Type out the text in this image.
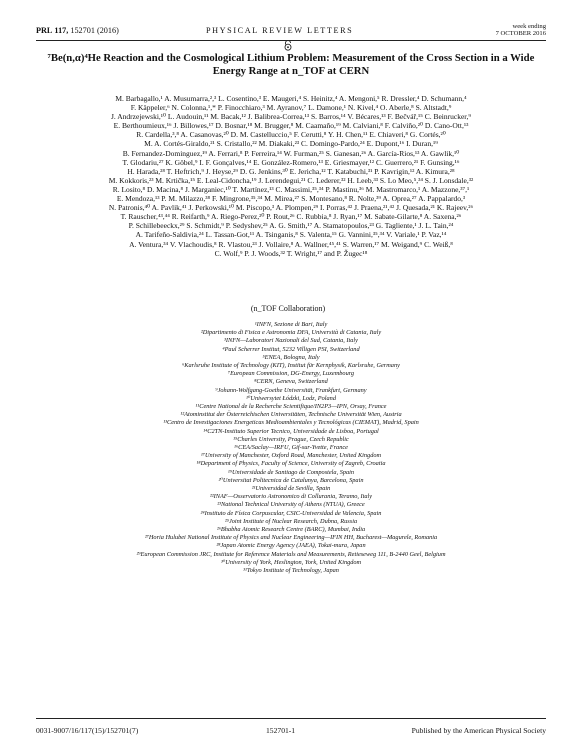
PRL 117, 152701 (2016)	PHYSICAL REVIEW LETTERS	week ending
7 OCTOBER 2016
⁷Be(n,α)⁴He Reaction and the Cosmological Lithium Problem: Measurement of the Cross Section in a Wide Energy Range at n_TOF at CERN
M. Barbagallo,¹ A. Musumarra,²,³ L. Cosentino,³ E. Maugeri,⁴ S. Heinitz,⁴ A. Mengoni,⁵ R. Dressler,⁴ D. Schumann,⁴
F. Käppeler,⁶ N. Colonna,¹,* P. Finocchiaro,³ M. Ayranov,⁷ L. Damone,¹ N. Kivel,⁴ O. Aberle,⁸ S. Altstadt,⁹
J. Andrzejewski,¹⁰ L. Audouin,¹¹ M. Bacak,¹² J. Balibrea-Correa,¹³ S. Barros,¹⁴ V. Bécares,¹³ F. Bečvář,¹⁵ C. Beinrucker,⁹
E. Berthoumieux,¹⁶ J. Billowes,¹⁷ D. Bosnar,¹⁸ M. Brugger,⁸ M. Caamaño,¹⁹ M. Calviani,⁸ F. Calviño,²⁰ D. Cano-Ott,¹³
R. Cardella,³,⁸ A. Casanovas,²⁰ D. M. Castelluccio,⁵ F. Cerutti,⁸ Y. H. Chen,¹¹ E. Chiaveri,⁸ G. Cortés,²⁰
M. A. Cortés-Giraldo,²¹ S. Cristallo,²² M. Diakaki,²³ C. Domingo-Pardo,²⁴ E. Dupont,¹⁶ I. Duran,¹⁹
B. Fernandez-Dominguez,¹⁹ A. Ferrari,⁸ P. Ferreira,¹⁴ W. Furman,²⁵ S. Ganesan,²⁶ A. García-Rios,¹³ A. Gawlik,¹⁰
T. Glodariu,²⁷ K. Göbel,⁹ I. F. Gonçalves,¹⁴ E. González-Romero,¹³ E. Griesmayer,¹² C. Guerrero,²¹ F. Gunsing,¹⁶
H. Harada,²⁸ T. Heftrich,⁹ J. Heyse,²⁹ D. G. Jenkins,³⁰ E. Jericha,¹² T. Katabuchi,³¹ P. Kavrigin,¹² A. Kimura,²⁸
M. Kokkoris,²³ M. Krtička,¹⁵ E. Leal-Cidoncha,¹⁹ J. Lerendegui,²¹ C. Lederer,³² H. Leeb,³³ S. Lo Meo,⁵,³⁴ S. J. Lonsdale,³²
R. Losito,⁸ D. Macina,⁸ J. Marganiec,¹⁰ T. Martínez,¹³ C. Massimi,³⁵,³⁴ P. Mastinu,³⁶ M. Mastromarco,¹ A. Mazzone,³⁷,¹
E. Mendoza,¹³ P. M. Milazzo,³⁸ F. Mingrone,³⁵,³⁴ M. Mirea,²⁷ S. Montesano,⁸ R. Nolte,³⁹ A. Oprea,²⁷ A. Pappalardo,³
N. Patronis,⁴⁰ A. Pavlik,⁴¹ J. Perkowski,¹⁰ M. Piscopo,³ A. Plompen,²⁹ I. Porras,⁴² J. Praena,²¹,⁴² J. Quesada,²¹ K. Rajeev,²⁶
T. Rauscher,⁴³,⁴⁴ R. Reifarth,⁹ A. Riego-Perez,²⁰ P. Rout,²⁶ C. Rubbia,⁸ J. Ryan,¹⁷ M. Sabate-Gilarte,⁸ A. Saxena,²⁶
P. Schillebeeckx,²⁹ S. Schmidt,⁹ P. Sedyshev,²⁵ A. G. Smith,¹⁷ A. Stamatopoulos,²³ G. Tagliente,¹ J. L. Tain,²⁴
A. Tarifeño-Saldivia,²⁴ L. Tassan-Got,¹¹ A. Tsinganis,⁸ S. Valenta,¹⁵ G. Vannini,³⁵,³⁴ V. Variale,¹ P. Vaz,¹⁴
A. Ventura,³⁴ V. Vlachoudis,⁸ R. Vlastou,²³ J. Vollaire,⁸ A. Wallner,⁴⁵,⁴¹ S. Warren,¹⁷ M. Weigand,⁹ C. Weiß,⁸
C. Wolf,⁹ P. J. Woods,³² T. Wright,¹⁷ and P. Žugec¹⁸
(n_TOF Collaboration)
¹INFN, Sezione di Bari, Italy
²Dipartimento di Fisica e Astronomia DFA, Università di Catania, Italy
³INFN—Laboratori Nazionali del Sud, Catania, Italy
⁴Paul Scherrer Institut, 5232 Villigen PSI, Switzerland
⁵ENEA, Bologna, Italy
⁶Karlsruhe Institute of Technology (KIT), Institut für Kernphysik, Karlsruhe, Germany
⁷European Commission, DG-Energy, Luxembourg
⁸CERN, Geneva, Switzerland
⁹Johann-Wolfgang-Goethe Universität, Frankfurt, Germany
¹⁰Uniwersytet Łódzki, Lodz, Poland
¹¹Centre National de la Recherche Scientifique/IN2P3—IPN, Orsay, France
¹²Atominstitut der Österreichischen Universitäten, Technische Universität Wien, Austria
¹³Centro de Investigaciones Energeticas Medioambientales y Tecnológicas (CIEMAT), Madrid, Spain
¹⁴C2TN-Instituto Superior Tecnico, Universidade de Lisboa, Portugal
¹⁵Charles University, Prague, Czech Republic
¹⁶CEA/Saclay—IRFU, Gif-sur-Yvette, France
¹⁷University of Manchester, Oxford Road, Manchester, United Kingdom
¹⁸Department of Physics, Faculty of Science, University of Zagreb, Croatia
¹⁹Universidade de Santiago de Compostela, Spain
²⁰Universitat Politecnica de Catalunya, Barcelona, Spain
²¹Universidad de Sevilla, Spain
²²INAF—Osservatorio Astronomico di Collurania, Teramo, Italy
²³National Technical University of Athens (NTUA), Greece
²⁴Instituto de Física Corpuscular, CSIC-Universidad de Valencia, Spain
²⁵Joint Institute of Nuclear Research, Dubna, Russia
²⁶Bhabha Atomic Research Centre (BARC), Mumbai, India
²⁷Horia Hulubei National Institute of Physics and Nuclear Engineering—IFIN HH, Bucharest—Magurele, Romania
²⁸Japan Atomic Energy Agency (JAEA), Tokai-mura, Japan
²⁹European Commission JRC, Institute for Reference Materials and Measurements, Retieseweg 111, B-2440 Geel, Belgium
³⁰University of York, Heslington, York, United Kingdom
³¹Tokyo Institute of Technology, Japan
0031-9007/16/117(15)/152701(7)	152701-1	Published by the American Physical Society
